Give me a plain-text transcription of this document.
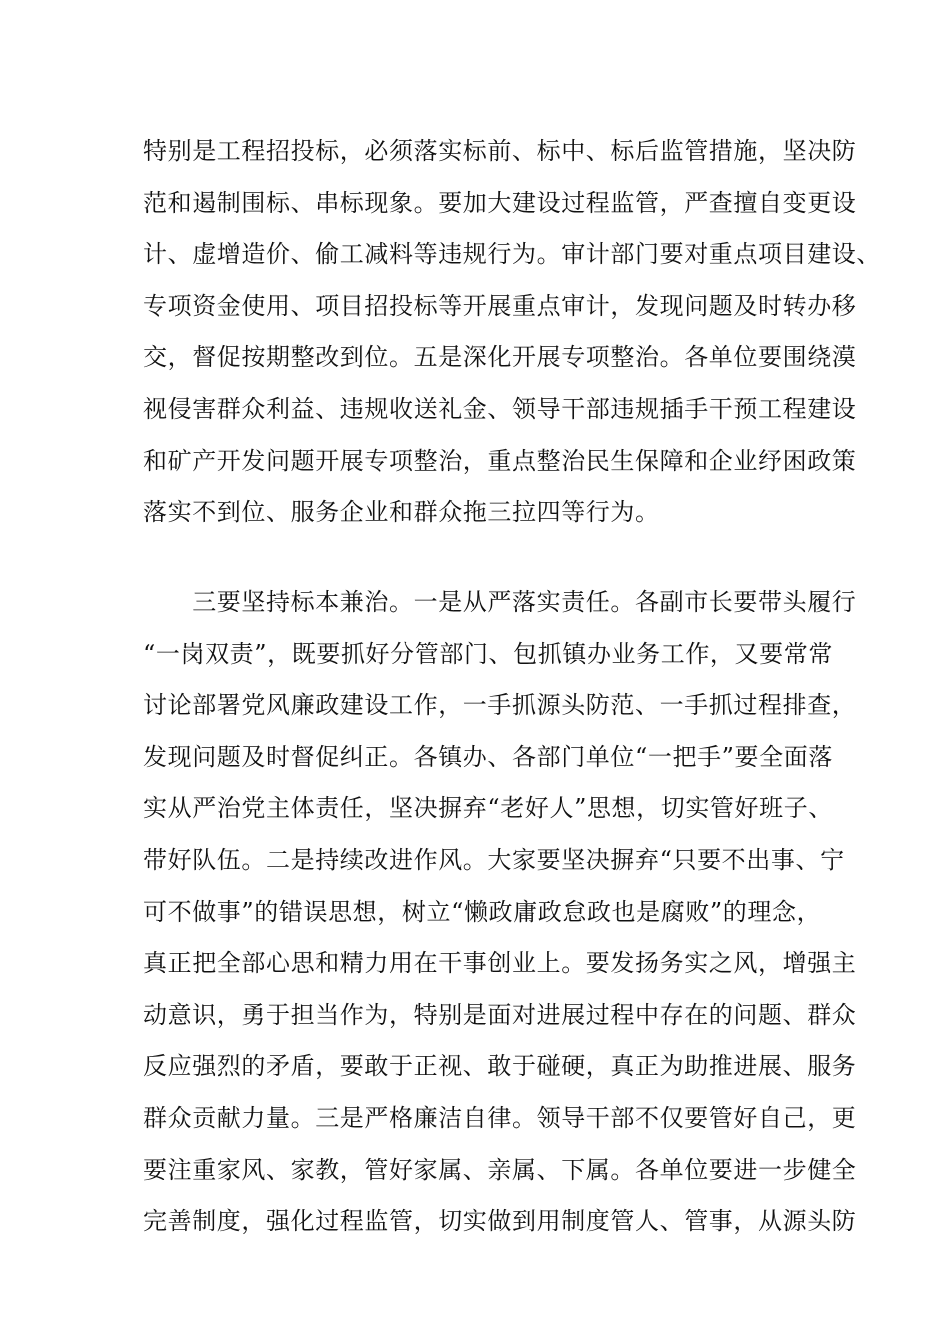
特别是工程招投标，必须落实标前、标中、标后监管措施，坚决防
范和遏制围标、串标现象。要加大建设过程监管，严查擅自变更设
计、虚增造价、偷工减料等违规行为。审计部门要对重点项目建设、
专项资金使用、项目招投标等开展重点审计，发现问题及时转办移
交，督促按期整改到位。五是深化开展专项整治。各单位要围绕漠
视侵害群众利益、违规收送礼金、领导干部违规插手干预工程建设
和矿产开发问题开展专项整治，重点整治民生保障和企业纾困政策
落实不到位、服务企业和群众拖三拉四等行为。
　　三要坚持标本兼治。一是从严落实责任。各副市长要带头履行
“一岗双责”，既要抓好分管部门、包抓镇办业务工作，又要常常
讨论部署党风廉政建设工作，一手抓源头防范、一手抓过程排查，
发现问题及时督促纠正。各镇办、各部门单位“一把手”要全面落
实从严治党主体责任，坚决摒弃“老好人”思想，切实管好班子、
带好队伍。二是持续改进作风。大家要坚决摒弃“只要不出事、宁
可不做事”的错误思想，树立“懒政庸政怠政也是腐败”的理念，
真正把全部心思和精力用在干事创业上。要发扬务实之风，增强主
动意识，勇于担当作为，特别是面对进展过程中存在的问题、群众
反应强烈的矛盾，要敢于正视、敢于碰硬，真正为助推进展、服务
群众贡献力量。三是严格廉洁自律。领导干部不仅要管好自己，更
要注重家风、家教，管好家属、亲属、下属。各单位要进一步健全
完善制度，强化过程监管，切实做到用制度管人、管事，从源头防
